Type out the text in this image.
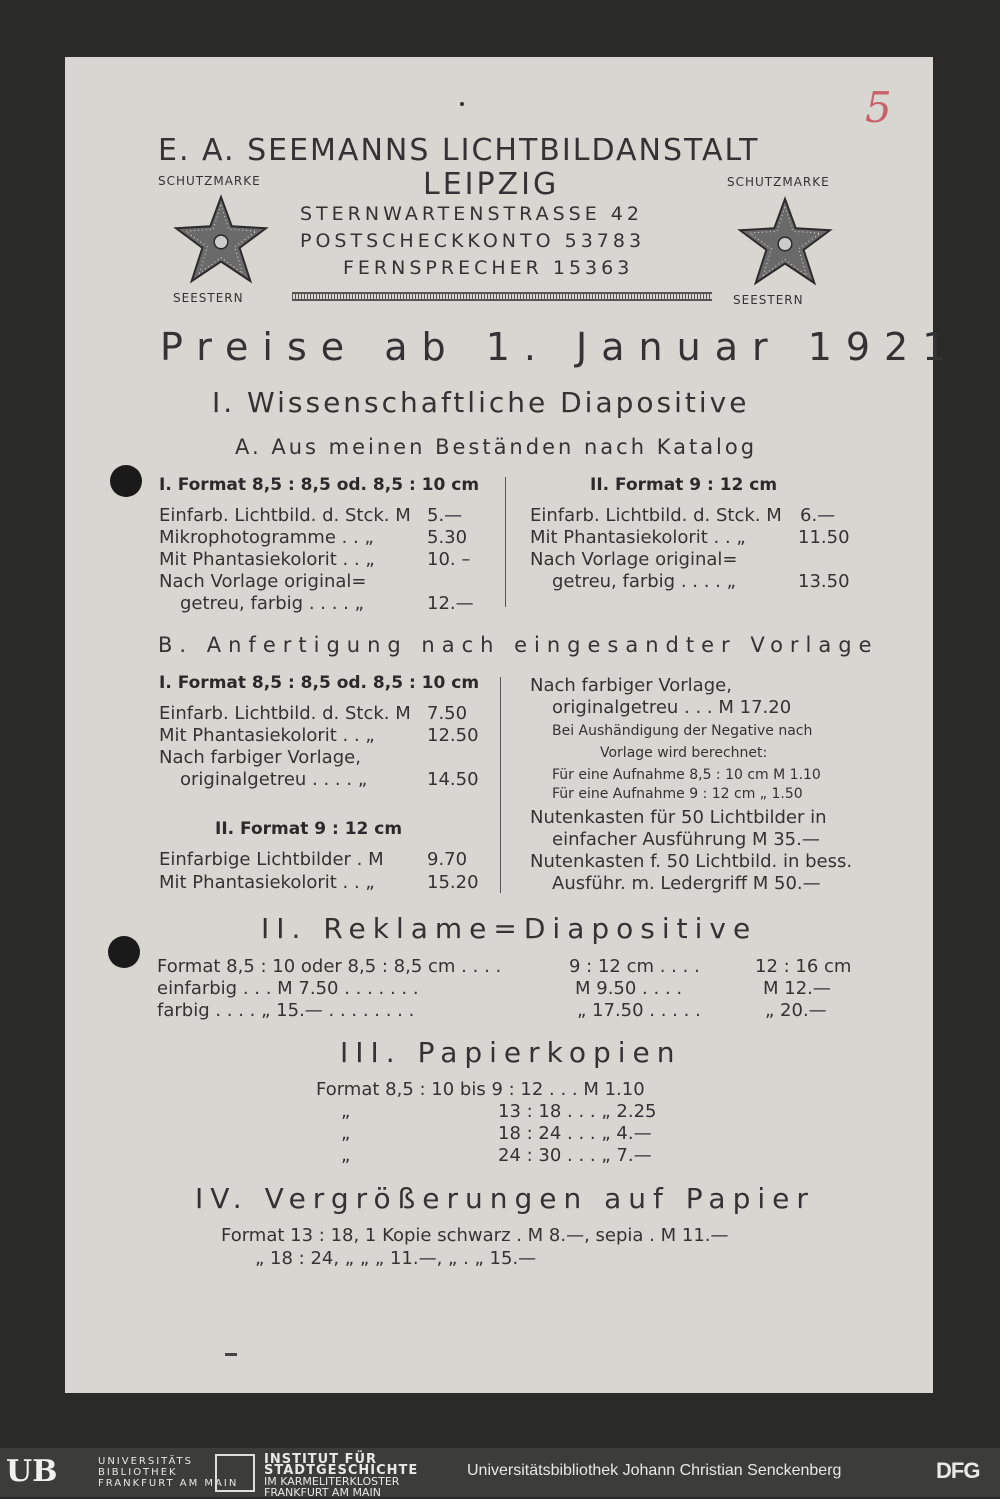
5
E. A. SEEMANNS LICHTBILDANSTALT
SCHUTZMARKE	SCHUTZMARKE
LEIPZIG
STERNWARTENSTRASSE 42
POSTSCHECKKONTO 53783
FERNSPRECHER 15363
SEESTERN	SEESTERN
Preise ab 1. Januar 1921
I. Wissenschaftliche Diapositive
A. Aus meinen Beständen nach Katalog
I. Format 8,5 : 8,5 od. 8,5 : 10 cm
Einfarb. Lichtbild. d. Stck. M 5.—
Mikrophotogramme . . „	5.30
Mit Phantasiekolorit . . „	10. –
Nach Vorlage original=
getreu, farbig . . . . „	12.—
II. Format 9 : 12 cm
Einfarb. Lichtbild. d. Stck. M 6.—
Mit Phantasiekolorit . . „	11.50
Nach Vorlage original=
getreu, farbig . . . . „	13.50
B. Anfertigung nach eingesandter Vorlage
I. Format 8,5 : 8,5 od. 8,5 : 10 cm
Einfarb. Lichtbild. d. Stck. M 7.50
Mit Phantasiekolorit . . „	12.50
Nach farbiger Vorlage,
originalgetreu . . . . „	14.50
II. Format 9 : 12 cm
Einfarbige Lichtbilder . M 9.70
Mit Phantasiekolorit . . „	15.20
Nach farbiger Vorlage,
originalgetreu . . . M 17.20
Bei Aushändigung der Negative nach
Vorlage wird berechnet:
Für eine Aufnahme 8,5 : 10 cm M 1.10
Für eine Aufnahme 9 : 12 cm „ 1.50
Nutenkasten für 50 Lichtbilder in
einfacher Ausführung M 35.—
Nutenkasten f. 50 Lichtbild. in bess.
Ausführ. m. Ledergriff M 50.—
II. Reklame=Diapositive
Format 8,5 : 10 oder 8,5 : 8,5 cm . . . .	9 : 12 cm . . . .	12 : 16 cm
einfarbig . . . M 7.50 . . . . . . .	M 9.50 . . . .	M 12.—
farbig . . . . „ 15.— . . . . . . . .	„ 17.50 . . . . .	„ 20.—
III. Papierkopien
Format 8,5 : 10 bis 9 : 12 . . . M 1.10
„	13 : 18 . . . „ 2.25
„	18 : 24 . . . „ 4.—
„	24 : 30 . . . „ 7.—
IV. Vergrößerungen auf Papier
Format 13 : 18, 1 Kopie schwarz . M 8.—, sepia . M 11.—
„ 18 : 24, „ „ „ 11.—, „ . „ 15.—
UB	UNIVERSITÄTS
BIBLIOTHEK
FRANKFURT AM MAIN
INSTITUT FÜR
STADTGESCHICHTE
IM KARMELITERKLOSTER
FRANKFURT AM MAIN
Universitätsbibliothek Johann Christian Senckenberg	DFG
